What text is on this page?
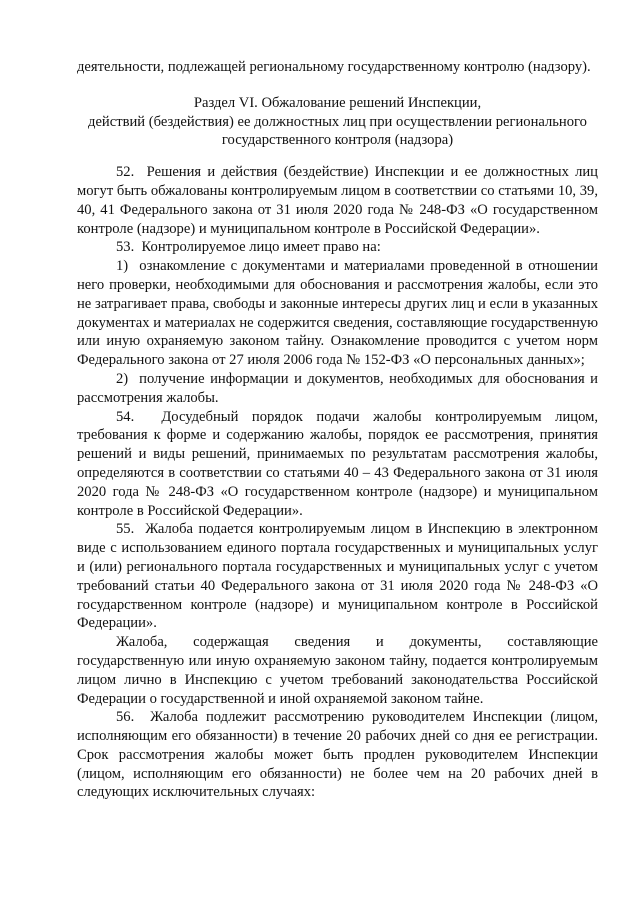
деятельности, подлежащей региональному государственному контролю (надзору).

Раздел VI. Обжалование решений Инспекции,

действий (бездействия) ее должностных лиц при осуществлении регионального

государственного контроля (надзора)

52.  Решения и действия (бездействие) Инспекции и ее должностных лиц могут быть обжалованы контролируемым лицом в соответствии со статьями 10, 39, 40, 41 Федерального закона от 31 июля 2020 года № 248-ФЗ «О государственном контроле (надзоре) и муниципальном контроле в Российской Федерации».

53.  Контролируемое лицо имеет право на:

1)  ознакомление с документами и материалами проведенной в отношении него проверки, необходимыми для обоснования и рассмотрения жалобы, если это не затрагивает права, свободы и законные интересы других лиц и если в указанных документах и материалах не содержится сведения, составляющие государственную или иную охраняемую законом тайну. Ознакомление проводится с учетом норм Федерального закона от 27 июля 2006 года № 152-ФЗ «О персональных данных»;

2)  получение информации и документов, необходимых для обоснования и рассмотрения жалобы.

54.  Досудебный порядок подачи жалобы контролируемым лицом, требования к форме и содержанию жалобы, порядок ее рассмотрения, принятия решений и виды решений, принимаемых по результатам рассмотрения жалобы, определяются в соответствии со статьями 40 – 43 Федерального закона от 31 июля 2020 года № 248-ФЗ «О государственном контроле (надзоре) и муниципальном контроле в Российской Федерации».

55.  Жалоба подается контролируемым лицом в Инспекцию в электронном виде с использованием единого портала государственных и муниципальных услуг и (или) регионального портала государственных и муниципальных услуг с учетом требований статьи 40 Федерального закона от 31 июля 2020 года № 248-ФЗ «О государственном контроле (надзоре) и муниципальном контроле в Российской Федерации».

Жалоба, содержащая сведения и документы, составляющие государственную или иную охраняемую законом тайну, подается контролируемым лицом лично в Инспекцию с учетом требований законодательства Российской Федерации о государственной и иной охраняемой законом тайне.

56.  Жалоба подлежит рассмотрению руководителем Инспекции (лицом, исполняющим его обязанности) в течение 20 рабочих дней со дня ее регистрации. Срок рассмотрения жалобы может быть продлен руководителем Инспекции (лицом, исполняющим его обязанности) не более чем на 20 рабочих дней в следующих исключительных случаях:
